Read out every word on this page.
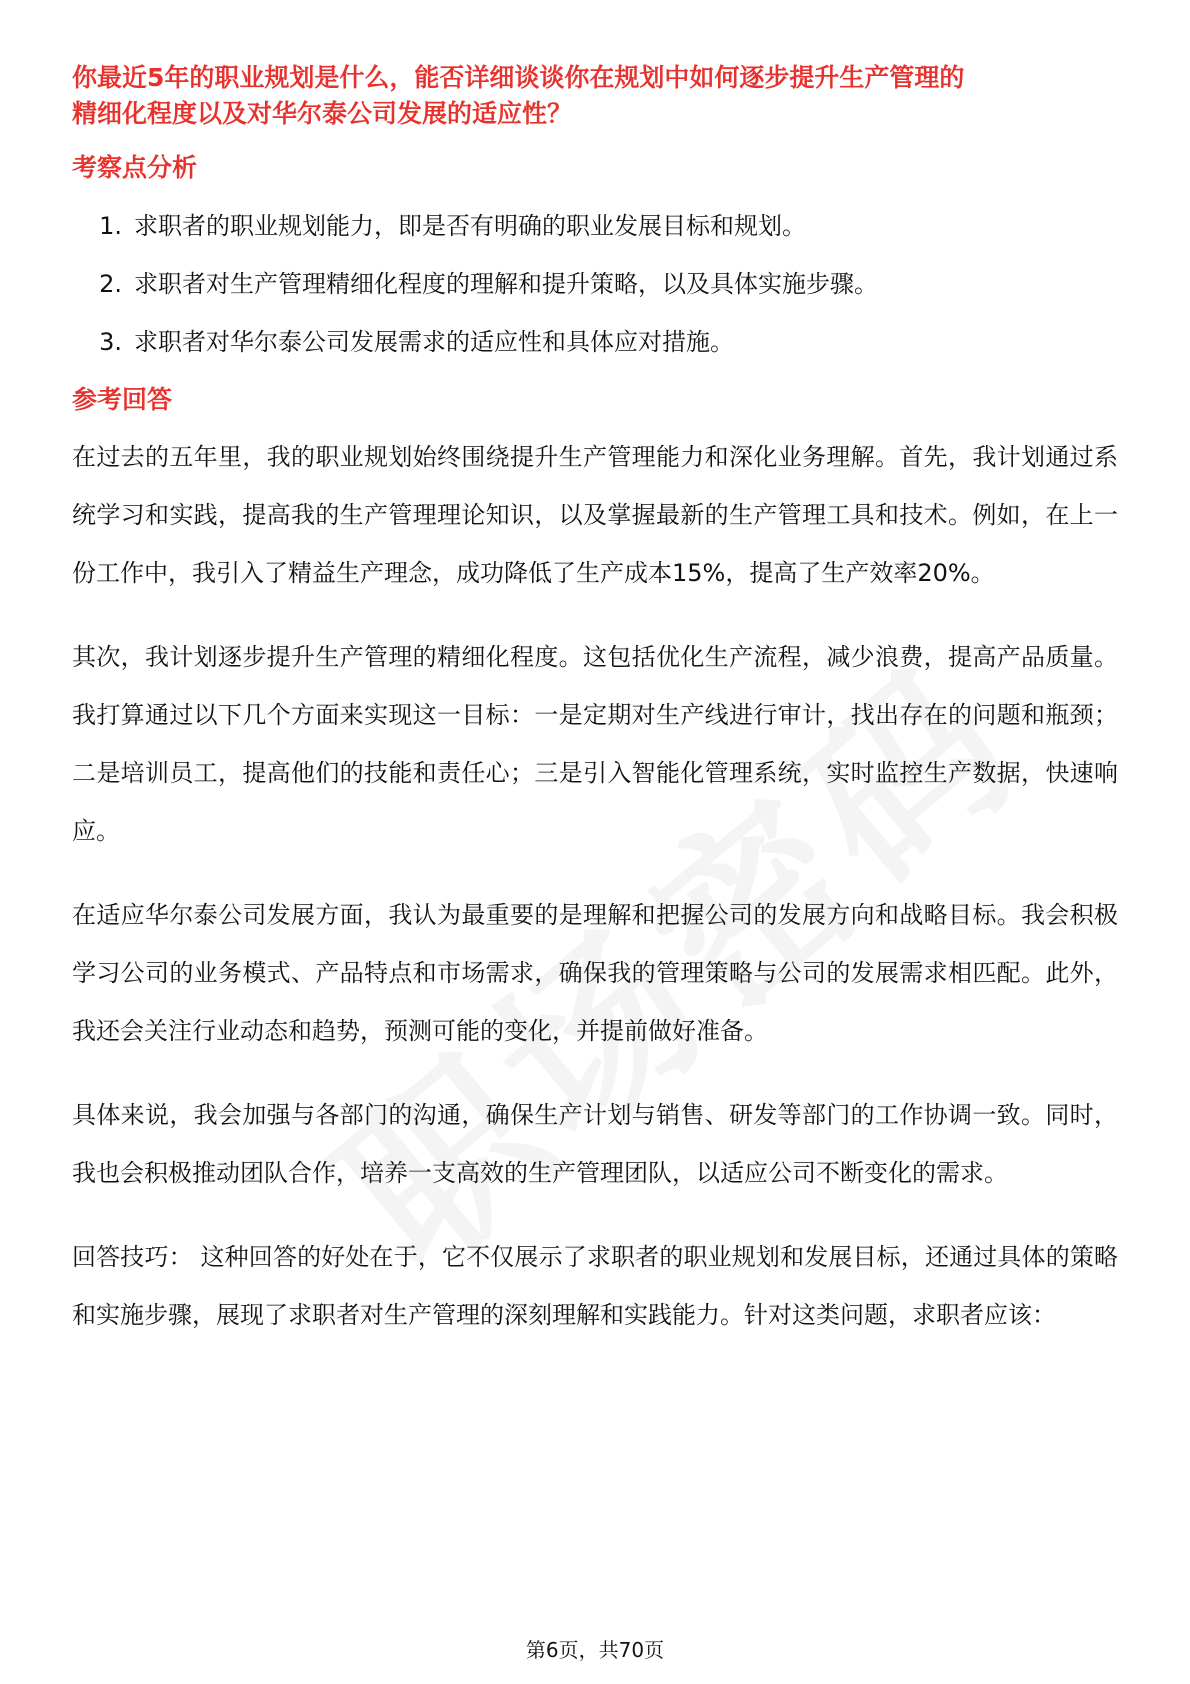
你最近5年的职业规划是什么，能否详细谈谈你在规划中如何逐步提升生产管理的
精细化程度以及对华尔泰公司发展的适应性？
考察点分析
1. 求职者的职业规划能力，即是否有明确的职业发展目标和规划。
2. 求职者对生产管理精细化程度的理解和提升策略，以及具体实施步骤。
3. 求职者对华尔泰公司发展需求的适应性和具体应对措施。
参考回答

在过去的五年里，我的职业规划始终围绕提升生产管理能力和深化业务理解。首先，我计划通过系统学习和实践，提高我的生产管理理论知识，以及掌握最新的生产管理工具和技术。例如，在上一份工作中，我引入了精益生产理念，成功降低了生产成本15%，提高了生产效率20%。

其次，我计划逐步提升生产管理的精细化程度。这包括优化生产流程，减少浪费，提高产品质量。我打算通过以下几个方面来实现这一目标：一是定期对生产线进行审计，找出存在的问题和瓶颈；二是培训员工，提高他们的技能和责任心；三是引入智能化管理系统，实时监控生产数据，快速响应。

在适应华尔泰公司发展方面，我认为最重要的是理解和把握公司的发展方向和战略目标。我会积极学习公司的业务模式、产品特点和市场需求，确保我的管理策略与公司的发展需求相匹配。此外，我还会关注行业动态和趋势，预测可能的变化，并提前做好准备。

具体来说，我会加强与各部门的沟通，确保生产计划与销售、研发等部门的工作协调一致。同时，我也会积极推动团队合作，培养一支高效的生产管理团队，以适应公司不断变化的需求。

回答技巧： 这种回答的好处在于，它不仅展示了求职者的职业规划和发展目标，还通过具体的策略和实施步骤，展现了求职者对生产管理的深刻理解和实践能力。针对这类问题，求职者应该：

第6页，共70页
